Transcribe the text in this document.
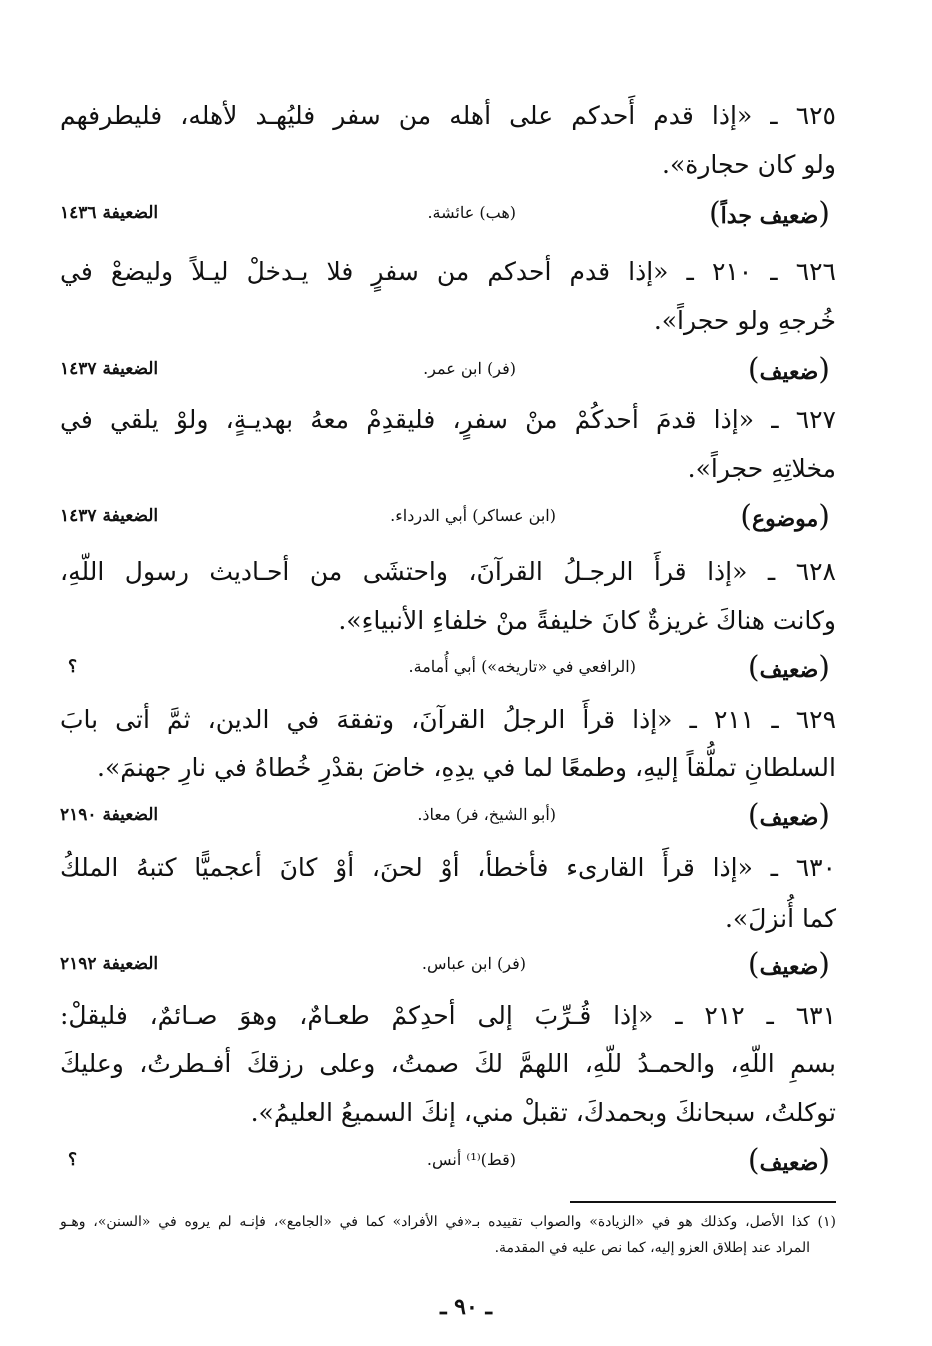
٦٢٥ ـ «إذا قدم أَحدكم على أهله من سفر فليُهـد لأهله، فليطرفهم
ولو كان حجارة».
( ضعيف جداً )
(هب) عائشة.
الضعيفة ١٤٣٦
٦٢٦ ـ ٢١٠ ـ «إذا قدم أحدكم من سفرٍ فلا يـدخلْ ليـلاً وليضعْ في
خُرجهِ ولو حجراً».
( ضعيف )
(فر) ابن عمر.
الضعيفة ١٤٣٧
٦٢٧ ـ «إذا قدمَ أحدكُمْ منْ سفرٍ، فليقدِمْ معهُ بهديـةٍ، ولوْ يلقي في
مخلاتِهِ حجراً».
( موضوع )
(ابن عساكر) أبي الدرداء.
الضعيفة ١٤٣٧
٦٢٨ ـ «إذا قرأَ الرجـلُ القرآنَ، واحتشَى من أحـاديث رسول اللّهِ،
وكانت هناكَ غريزةٌ كانَ خليفةً منْ خلفاءِ الأنبياءِ».
( ضعيف )
(الرافعي في «تاريخه») أبي أُمامة.
؟
٦٢٩ ـ ٢١١ ـ «إذا قرأَ الرجلُ القرآنَ، وتفقهَ في الدين، ثمَّ أتى بابَ
السلطانِ تملُّقاً إليهِ، وطمعًا لما في يدِهِ، خاضَ بقدْرِ خُطاهُ في نارِ جهنمَ».
( ضعيف )
(أبو الشيخ، فر) معاذ.
الضعيفة ٢١٩٠
٦٣٠ ـ «إذا قرأَ القارىء فأخطأ، أوْ لحنَ، أوْ كانَ أعجميًّا كتبهُ الملكُ
كما أُنزلَ».
( ضعيف )
(فر) ابن عباس.
الضعيفة ٢١٩٢
٦٣١ ـ ٢١٢ ـ «إذا قُـرِّبَ إلى أحدِكمْ طعـامٌ، وهوَ صـائمٌ، فليقلْ:
بسمِ اللّهِ، والحمـدُ للّهِ، اللهمَّ لكَ صمتُ، وعلى رزقكَ أفـطرتُ، وعليكَ
توكلتُ، سبحانكَ وبحمدكَ، تقبلْ مني، إنكَ السميعُ العليمُ».
( ضعيف )
(قط)⁽¹⁾ أنس.
؟
(١) كذا الأصل، وكذلك هو في «الزيادة» والصواب تقييده بـ«في الأفراد» كما في «الجامع»، فإنـه لم يروه في «السنن»، وهـو
المراد عند إطلاق العزو إليه، كما نص عليه في المقدمة.
ـ ٩٠ ـ
